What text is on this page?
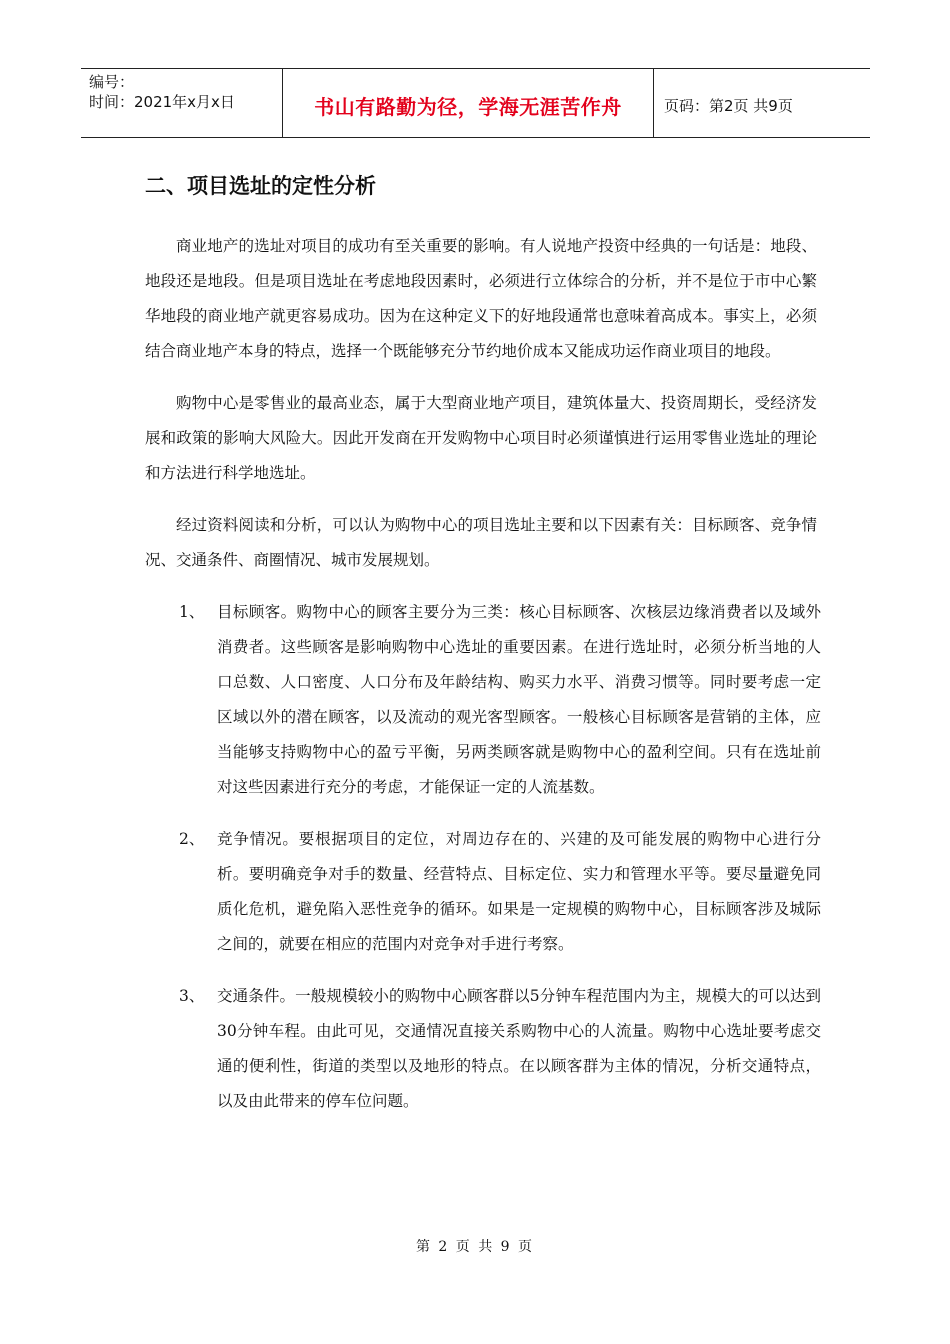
编号：
时间：2021年x月x日	书山有路勤为径，学海无涯苦作舟	页码：第2页 共9页
二、项目选址的定性分析

商业地产的选址对项目的成功有至关重要的影响。有人说地产投资中经典的一句话是：地段、地段还是地段。但是项目选址在考虑地段因素时，必须进行立体综合的分析，并不是位于市中心繁华地段的商业地产就更容易成功。因为在这种定义下的好地段通常也意味着高成本。事实上，必须结合商业地产本身的特点，选择一个既能够充分节约地价成本又能成功运作商业项目的地段。

购物中心是零售业的最高业态，属于大型商业地产项目，建筑体量大、投资周期长，受经济发展和政策的影响大风险大。因此开发商在开发购物中心项目时必须谨慎进行运用零售业选址的理论和方法进行科学地选址。

经过资料阅读和分析，可以认为购物中心的项目选址主要和以下因素有关：目标顾客、竞争情况、交通条件、商圈情况、城市发展规划。

1、 目标顾客。购物中心的顾客主要分为三类：核心目标顾客、次核层边缘消费者以及域外消费者。这些顾客是影响购物中心选址的重要因素。在进行选址时，必须分析当地的人口总数、人口密度、人口分布及年龄结构、购买力水平、消费习惯等。同时要考虑一定区域以外的潜在顾客，以及流动的观光客型顾客。一般核心目标顾客是营销的主体，应当能够支持购物中心的盈亏平衡，另两类顾客就是购物中心的盈利空间。只有在选址前对这些因素进行充分的考虑，才能保证一定的人流基数。
2、 竞争情况。要根据项目的定位，对周边存在的、兴建的及可能发展的购物中心进行分析。要明确竞争对手的数量、经营特点、目标定位、实力和管理水平等。要尽量避免同质化危机，避免陷入恶性竞争的循环。如果是一定规模的购物中心，目标顾客涉及城际之间的，就要在相应的范围内对竞争对手进行考察。
3、 交通条件。一般规模较小的购物中心顾客群以5分钟车程范围内为主，规模大的可以达到30分钟车程。由此可见，交通情况直接关系购物中心的人流量。购物中心选址要考虑交通的便利性，街道的类型以及地形的特点。在以顾客群为主体的情况，分析交通特点，以及由此带来的停车位问题。
第 2 页 共 9 页
